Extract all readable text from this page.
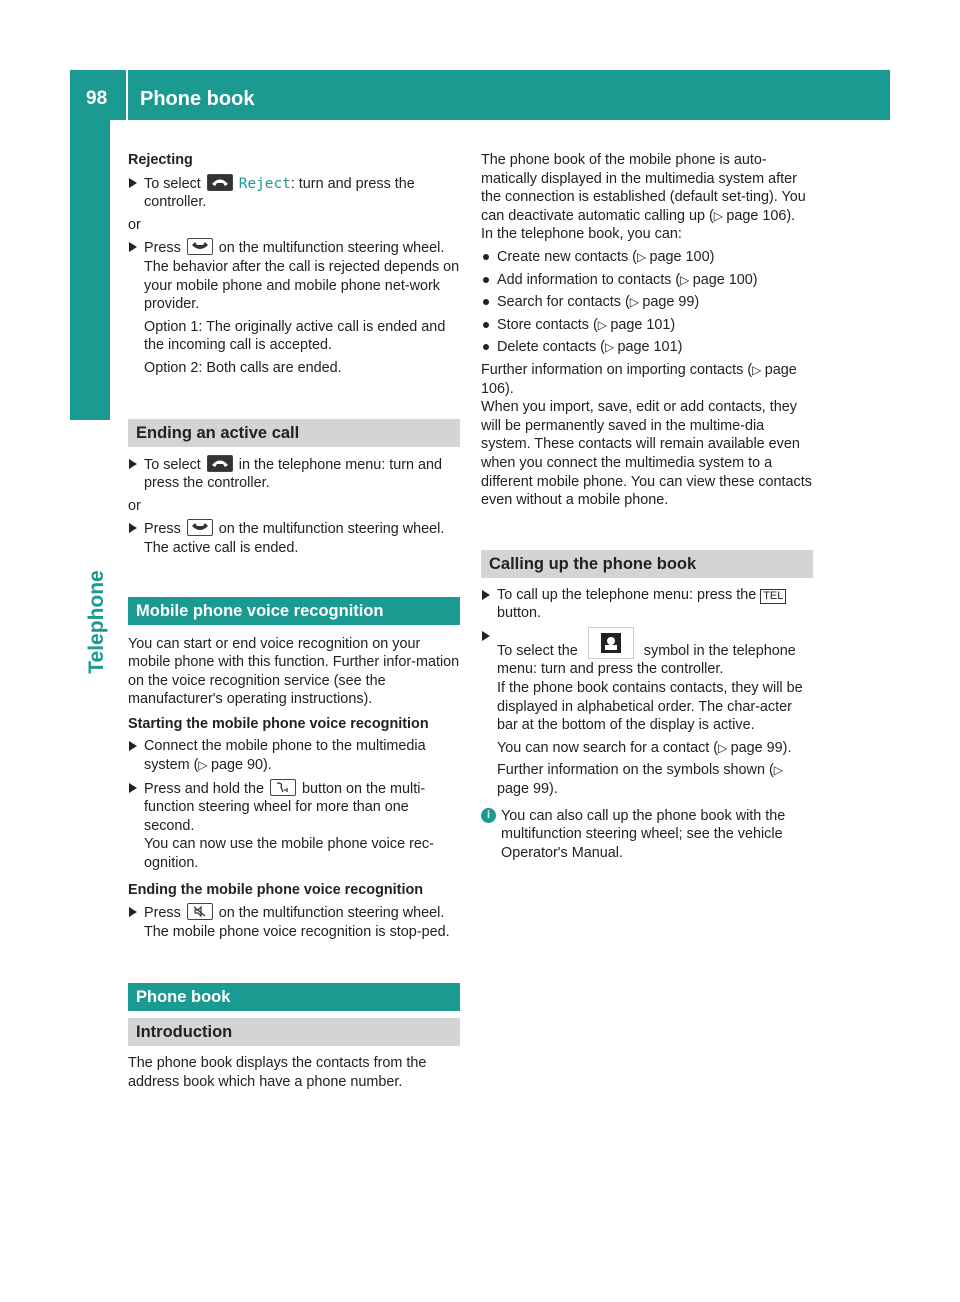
98 Phone book
Telephone

Rejecting

To select	Reject: turn and press the controller.

or

Press	on the multifunction steering wheel.

The behavior after the call is rejected depends on your mobile phone and mobile phone net-work provider.

Option 1: The originally active call is ended and the incoming call is accepted.

Option 2: Both calls are ended.

Ending an active call
To select	in the telephone menu: turn and press the controller.

or

Press	on the multifunction steering wheel.

The active call is ended.

Mobile phone voice recognition

You can start or end voice recognition on your mobile phone with this function. Further infor-mation on the voice recognition service (see the manufacturer's operating instructions).

Starting the mobile phone voice recognition

Connect the mobile phone to the multimedia system (▷ page 90).
Press and hold the	button on the multi-function steering wheel for more than one second.

You can now use the mobile phone voice rec-ognition.

Ending the mobile phone voice recognition

Press	on the multifunction steering wheel.

The mobile phone voice recognition is stop-ped.

Phone book
Introduction

The phone book displays the contacts from the address book which have a phone number.

The phone book of the mobile phone is auto-matically displayed in the multimedia system after the connection is established (default set-ting). You can deactivate automatic calling up (▷ page 106).

In the telephone book, you can:

Create new contacts (▷ page 100)
Add information to contacts (▷ page 100)
Search for contacts (▷ page 99)
Store contacts (▷ page 101)
Delete contacts (▷ page 101)

Further information on importing contacts (▷ page 106).

When you import, save, edit or add contacts, they will be permanently saved in the multime-dia system. These contacts will remain available even when you connect the multimedia system to a different mobile phone. You can view these contacts even without a mobile phone.

Calling up the phone book
To call up the telephone menu: press the TEL button.
To select the	symbol in the telephone menu: turn and press the controller.

If the phone book contains contacts, they will be displayed in alphabetical order. The char-acter bar at the bottom of the display is active.

You can now search for a contact (▷ page 99).

Further information on the symbols shown (▷ page 99).

i You can also call up the phone book with the multifunction steering wheel; see the vehicle Operator's Manual.
